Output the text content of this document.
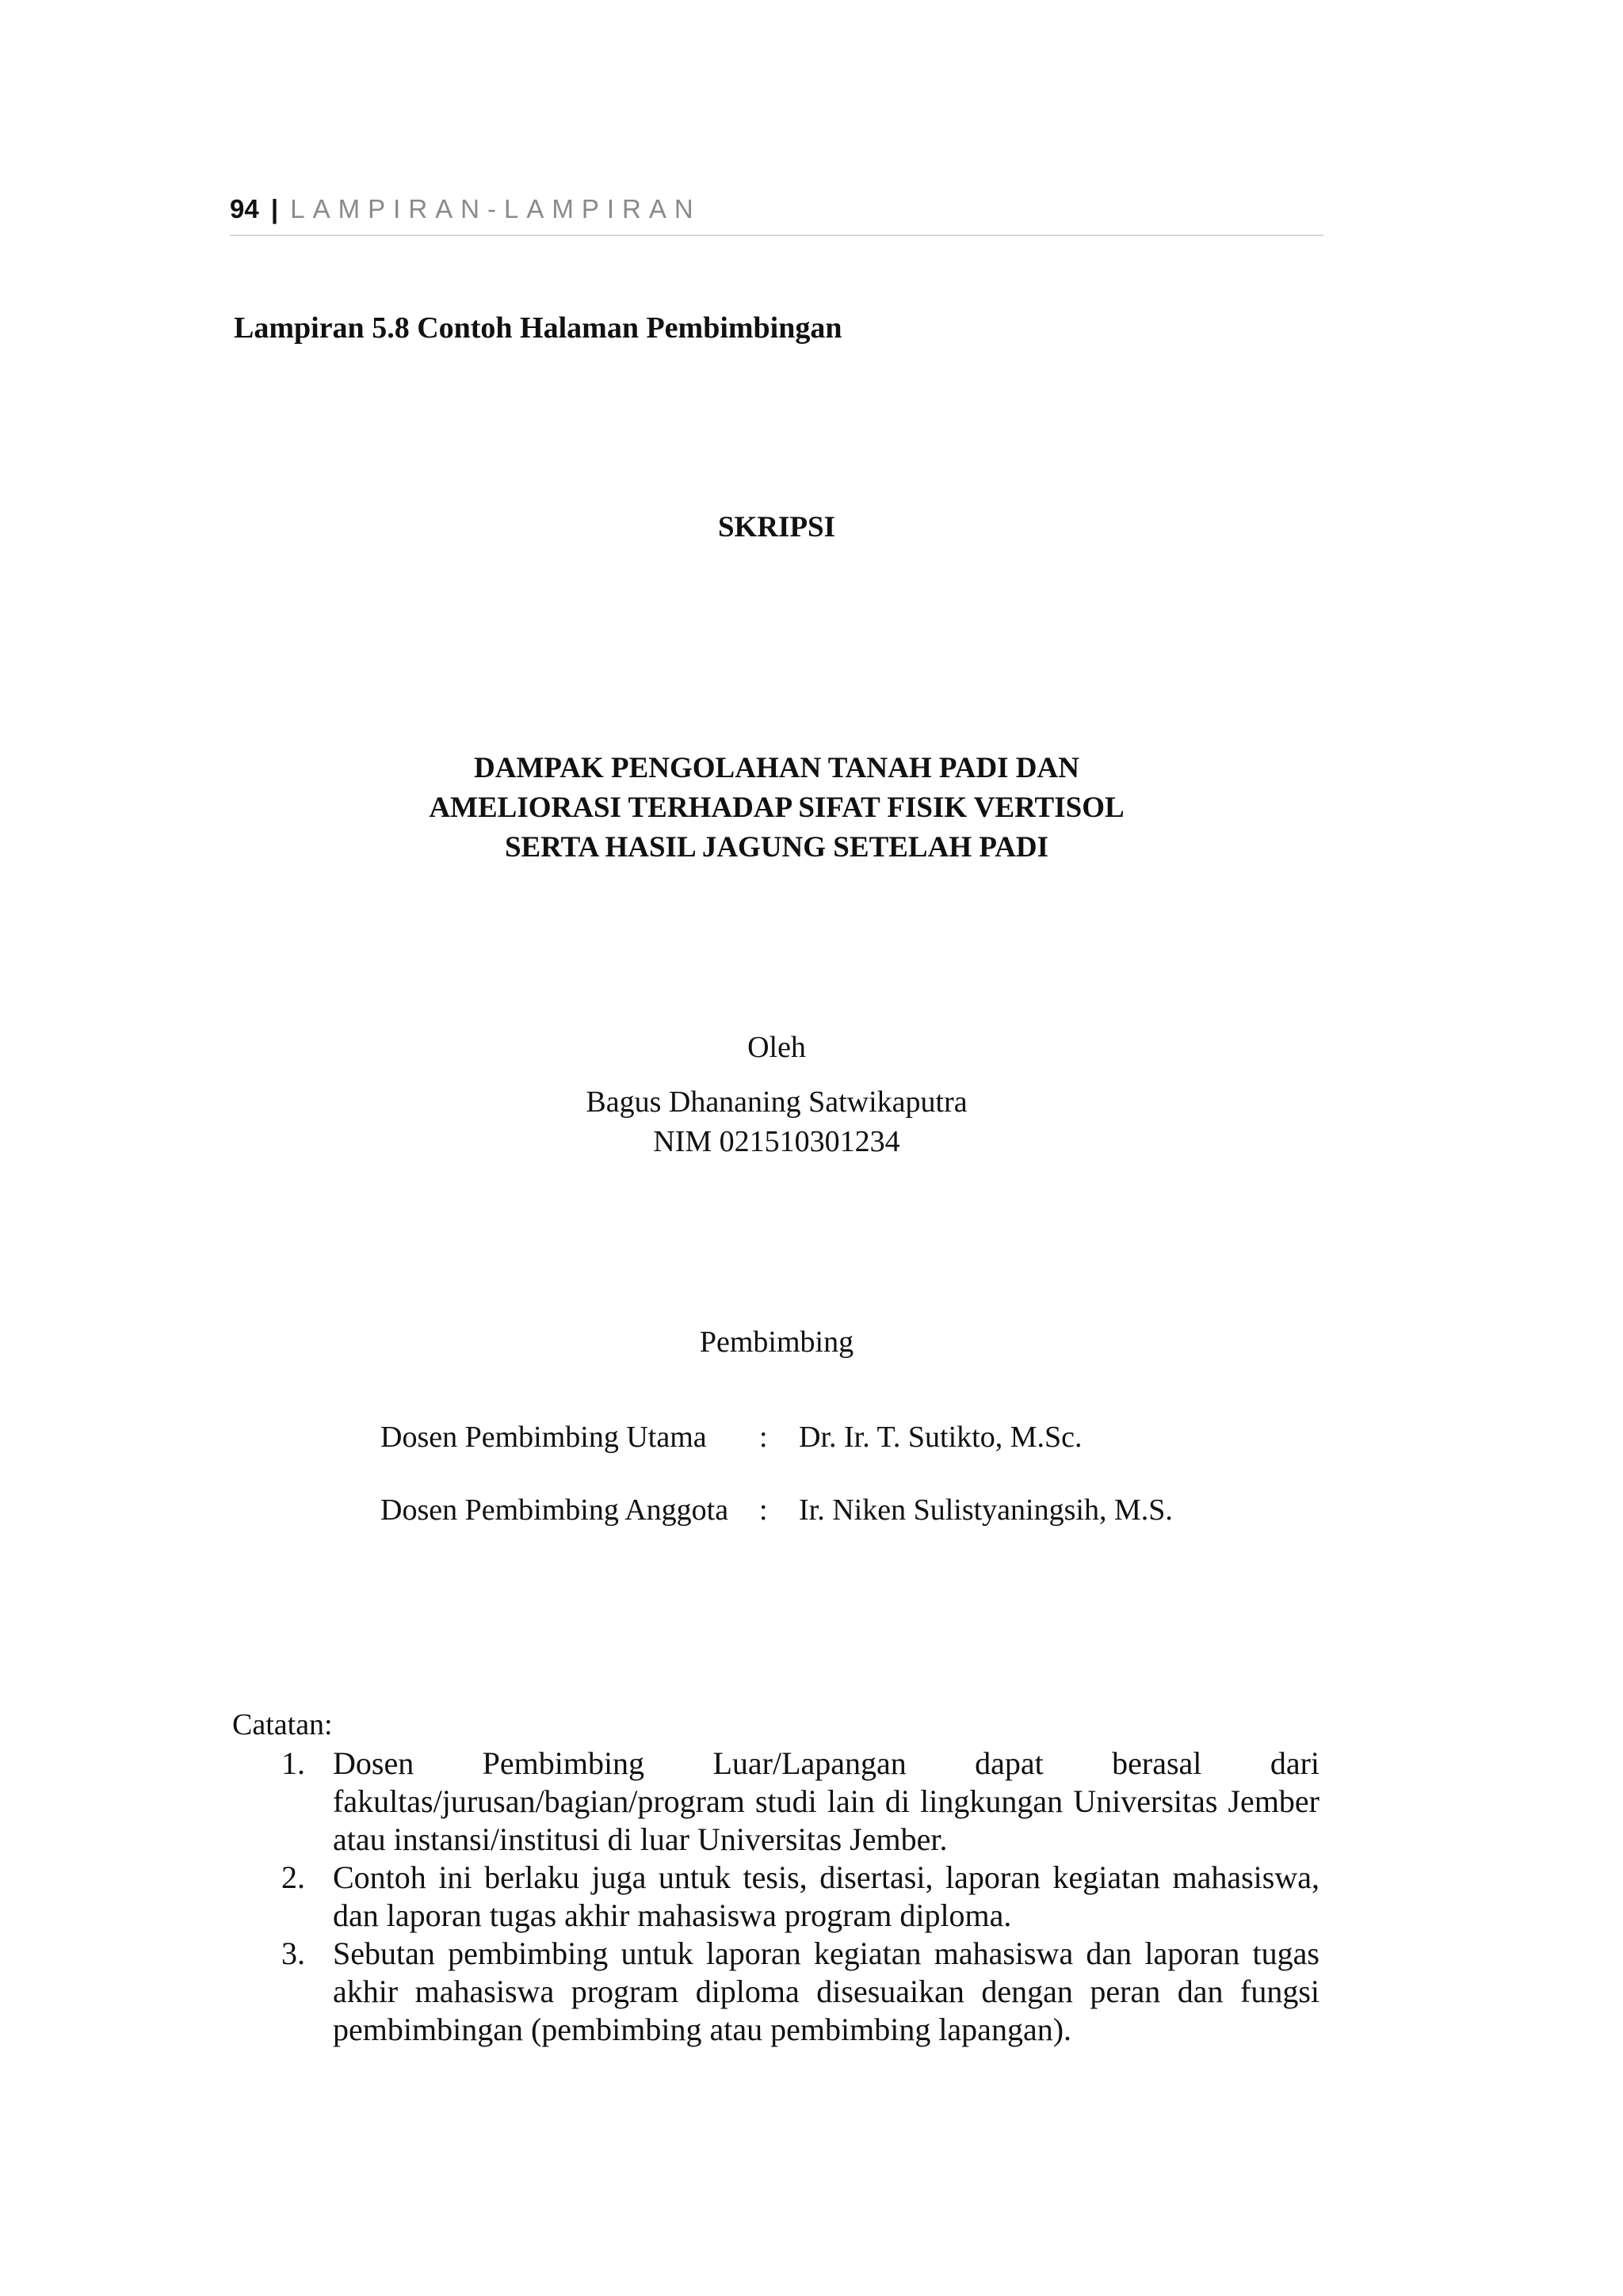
94 | LAMPIRAN-LAMPIRAN
Lampiran 5.8 Contoh Halaman Pembimbingan
SKRIPSI
DAMPAK PENGOLAHAN TANAH PADI DAN
AMELIORASI TERHADAP SIFAT FISIK VERTISOL
SERTA HASIL JAGUNG SETELAH PADI
Oleh
Bagus Dhananing Satwikaputra
NIM 021510301234
Pembimbing
Dosen Pembimbing Utama : Dr. Ir. T. Sutikto, M.Sc.
Dosen Pembimbing Anggota : Ir. Niken Sulistyaningsih, M.S.
Catatan:
1. Dosen Pembimbing Luar/Lapangan dapat berasal dari fakultas/jurusan/bagian/program studi lain di lingkungan Universitas Jember atau instansi/institusi di luar Universitas Jember.
2. Contoh ini berlaku juga untuk tesis, disertasi, laporan kegiatan mahasiswa, dan laporan tugas akhir mahasiswa program diploma.
3. Sebutan pembimbing untuk laporan kegiatan mahasiswa dan laporan tugas akhir mahasiswa program diploma disesuaikan dengan peran dan fungsi pembimbingan (pembimbing atau pembimbing lapangan).
